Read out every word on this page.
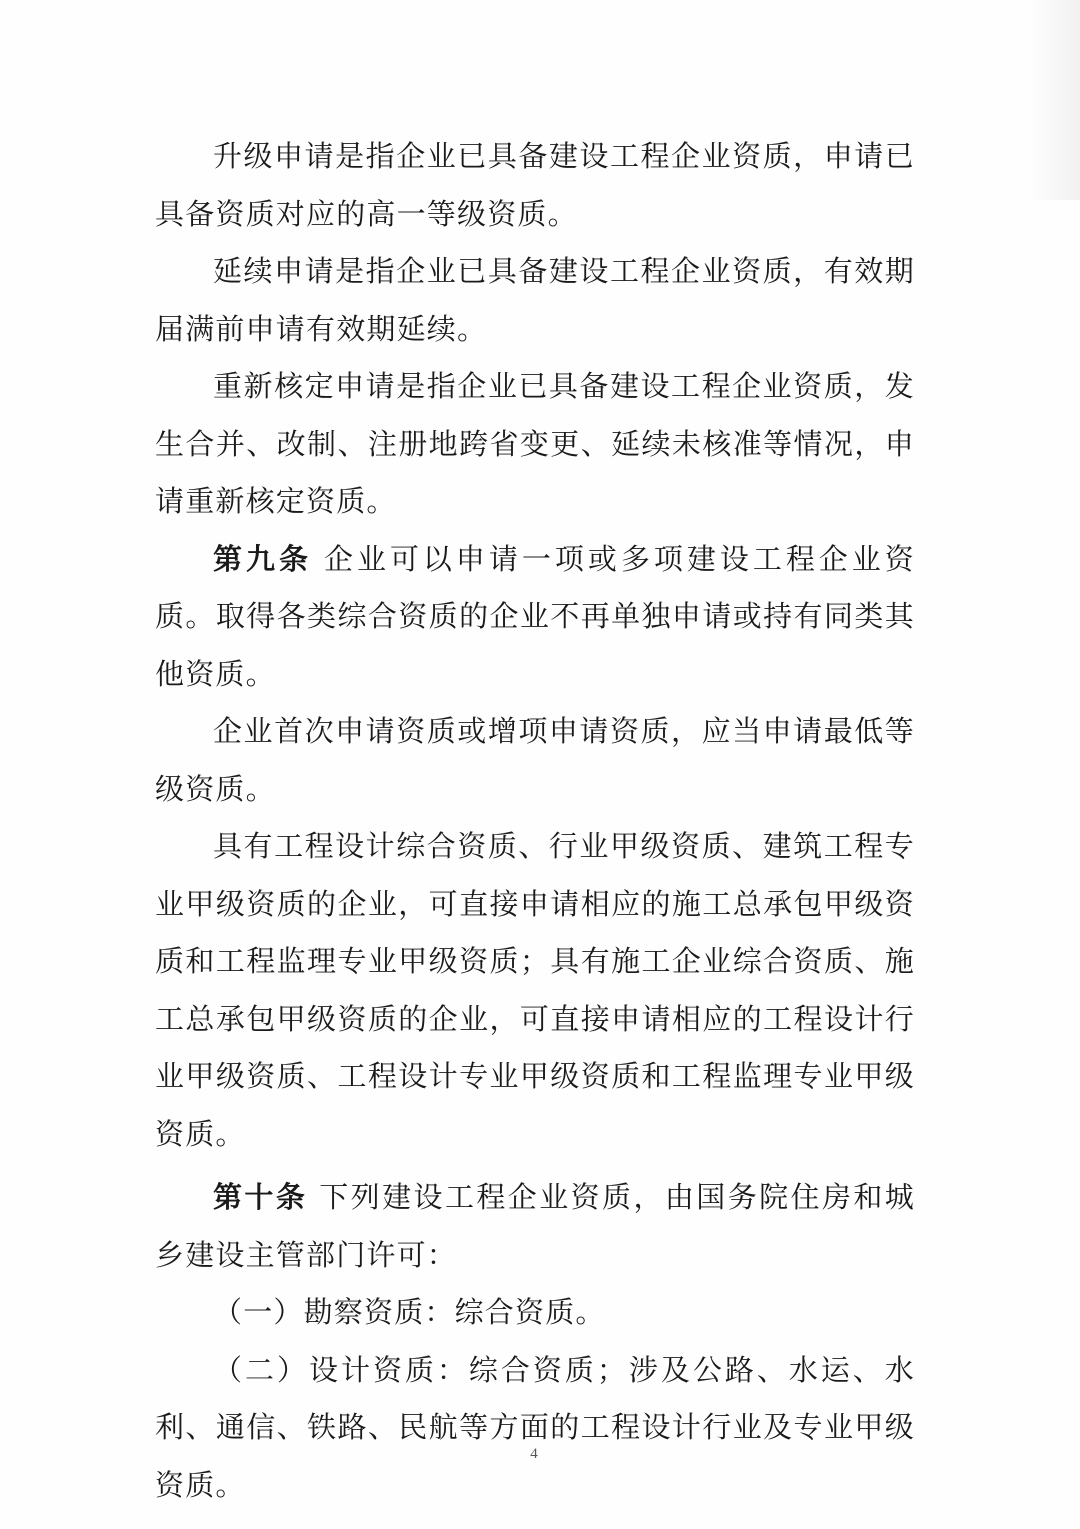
升级申请是指企业已具备建设工程企业资质，申请已具备资质对应的高一等级资质。

延续申请是指企业已具备建设工程企业资质，有效期届满前申请有效期延续。

重新核定申请是指企业已具备建设工程企业资质，发生合并、改制、注册地跨省变更、延续未核准等情况，申请重新核定资质。

第九条 企业可以申请一项或多项建设工程企业资质。取得各类综合资质的企业不再单独申请或持有同类其他资质。

企业首次申请资质或增项申请资质，应当申请最低等级资质。

具有工程设计综合资质、行业甲级资质、建筑工程专业甲级资质的企业，可直接申请相应的施工总承包甲级资质和工程监理专业甲级资质；具有施工企业综合资质、施工总承包甲级资质的企业，可直接申请相应的工程设计行业甲级资质、工程设计专业甲级资质和工程监理专业甲级资质。

第十条 下列建设工程企业资质，由国务院住房和城乡建设主管部门许可：

（一）勘察资质：综合资质。

（二）设计资质：综合资质；涉及公路、水运、水利、通信、铁路、民航等方面的工程设计行业及专业甲级资质。

4
